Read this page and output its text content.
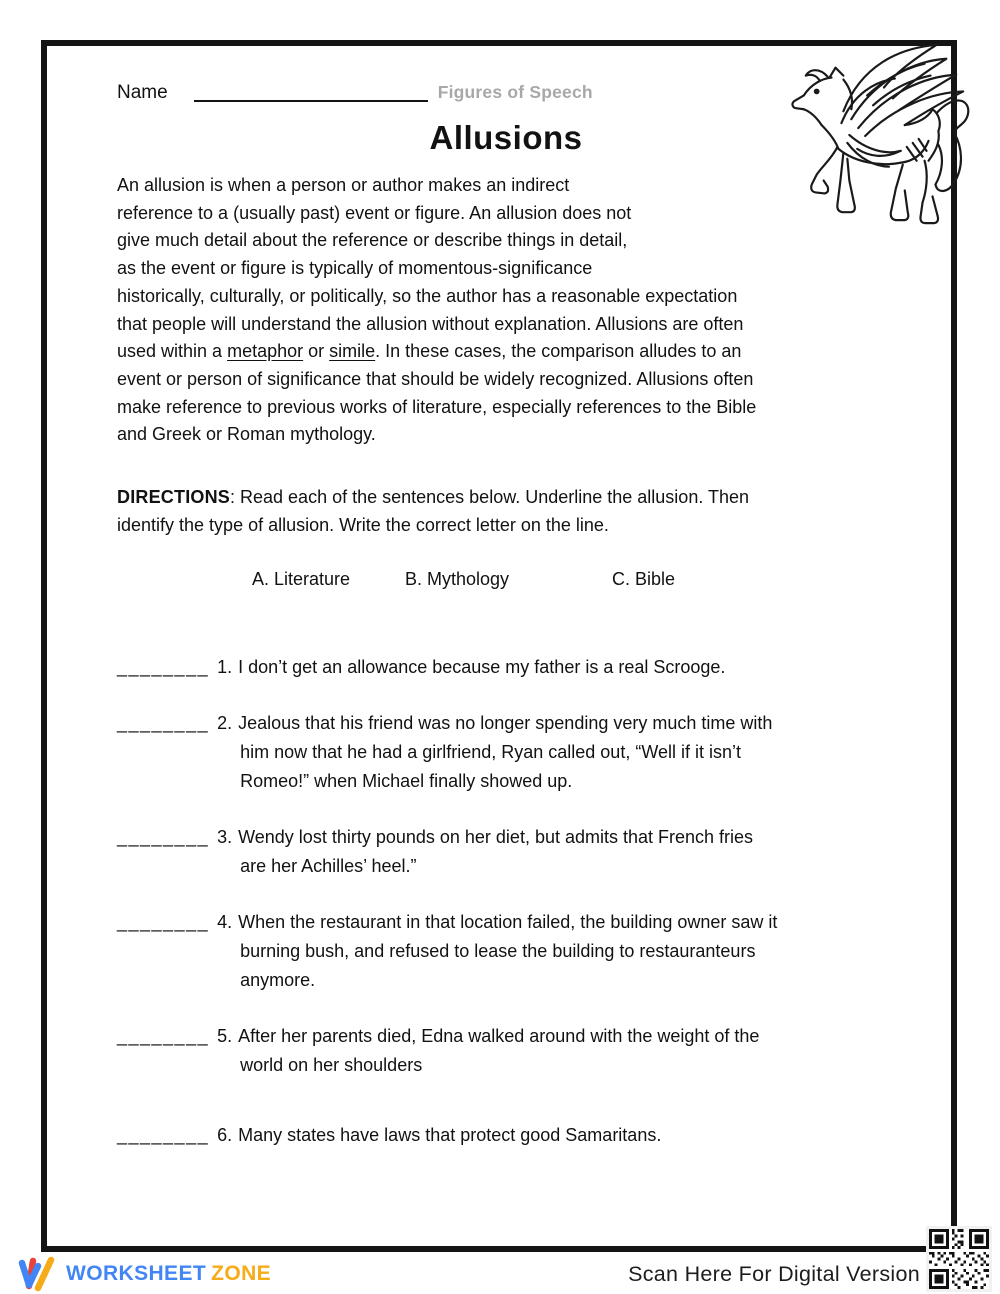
Name	Figures of Speech
Allusions
An allusion is when a person or author makes an indirect
reference to a (usually past) event or figure. An allusion does not
give much detail about the reference or describe things in detail,
as the event or figure is typically of momentous-significance
historically, culturally, or politically, so the author has a reasonable expectation
that people will understand the allusion without explanation. Allusions are often
used within a metaphor or simile. In these cases, the comparison alludes to an
event or person of significance that should be widely recognized. Allusions often
make reference to previous works of literature, especially references to the Bible
and Greek or Roman mythology.
DIRECTIONS: Read each of the sentences below. Underline the allusion. Then
identify the type of allusion. Write the correct letter on the line.
A. Literature	B. Mythology	C. Bible
________ 1. I don’t get an allowance because my father is a real Scrooge.
________ 2. Jealous that his friend was no longer spending very much time with
him now that he had a girlfriend, Ryan called out, “Well if it isn’t
Romeo!” when Michael finally showed up.
________ 3. Wendy lost thirty pounds on her diet, but admits that French fries
are her Achilles’ heel.”
________ 4. When the restaurant in that location failed, the building owner saw it
burning bush, and refused to lease the building to restauranteurs
anymore.
________ 5. After her parents died, Edna walked around with the weight of the
world on her shoulders
________ 6. Many states have laws that protect good Samaritans.
WORKSHEET ZONE	Scan Here For Digital Version
